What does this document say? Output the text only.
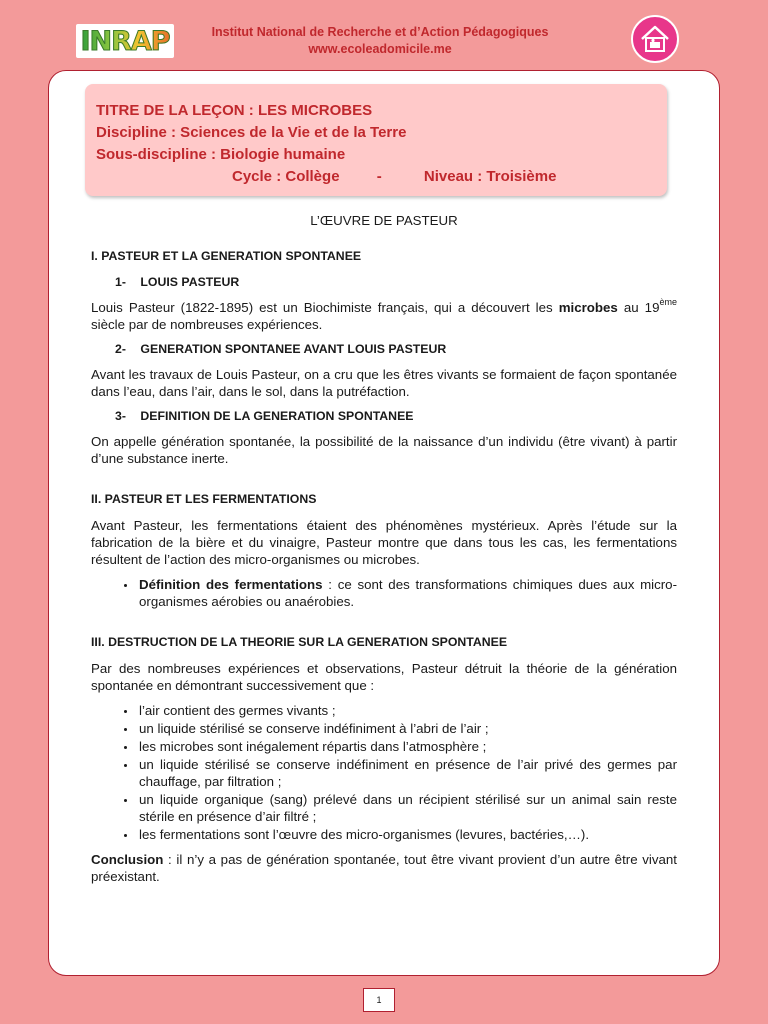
INRAP	Institut National de Recherche et d’Action Pédagogiques
www.ecoleadomicile.me
TITRE DE LA LEÇON : LES MICROBES
Discipline : Sciences de la Vie et de la Terre
Sous-discipline : Biologie humaine
Cycle : Collège -	Niveau : Troisième
L’ŒUVRE DE PASTEUR
I. PASTEUR ET LA GENERATION SPONTANEE
1- LOUIS PASTEUR

Louis Pasteur (1822-1895) est un Biochimiste français, qui a découvert les microbes au 19ème siècle par de nombreuses expériences.

2- GENERATION SPONTANEE AVANT LOUIS PASTEUR

Avant les travaux de Louis Pasteur, on a cru que les êtres vivants se formaient de façon spontanée dans l’eau, dans l’air, dans le sol, dans la putréfaction.

3- DEFINITION DE LA GENERATION SPONTANEE

On appelle génération spontanée, la possibilité de la naissance d’un individu (être vivant) à partir d’une substance inerte.

II. PASTEUR ET LES FERMENTATIONS

Avant Pasteur, les fermentations étaient des phénomènes mystérieux. Après l’étude sur la fabrication de la bière et du vinaigre, Pasteur montre que dans tous les cas, les fermentations résultent de l’action des micro-organismes ou microbes.

• Définition des fermentations : ce sont des transformations chimiques dues aux micro-organismes aérobies ou anaérobies.
III. DESTRUCTION DE LA THEORIE SUR LA GENERATION SPONTANEE

Par des nombreuses expériences et observations, Pasteur détruit la théorie de la génération spontanée en démontrant successivement que :

• l’air contient des germes vivants ;
• un liquide stérilisé se conserve indéfiniment à l’abri de l’air ;
• les microbes sont inégalement répartis dans l’atmosphère ;
• un liquide stérilisé se conserve indéfiniment en présence de l’air privé des germes par chauffage, par filtration ;
• un liquide organique (sang) prélevé dans un récipient stérilisé sur un animal sain reste stérile en présence d’air filtré ;
• les fermentations sont l’œuvre des micro-organismes (levures, bactéries,…).

Conclusion : il n’y a pas de génération spontanée, tout être vivant provient d’un autre être vivant préexistant.

1
